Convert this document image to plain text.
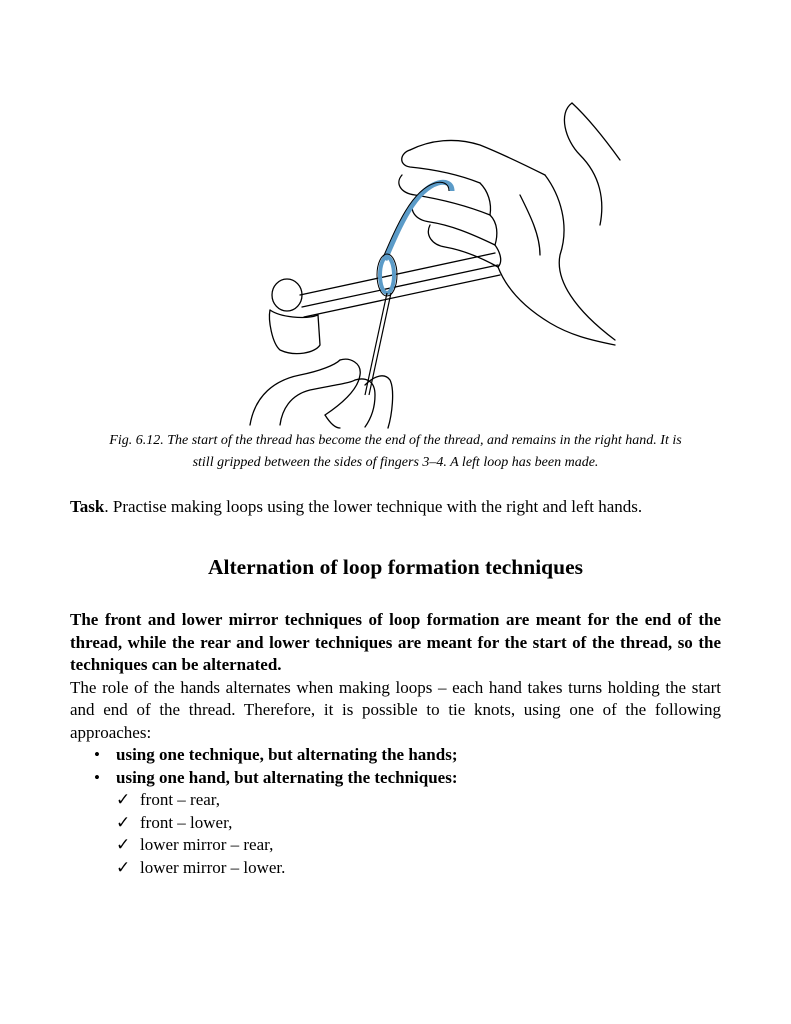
Fig. 6.12. The start of the thread has become the end of the thread, and remains in the right hand. It is
still gripped between the sides of fingers 3–4. A left loop has been made.
Task. Practise making loops using the lower technique with the right and left hands.
Alternation of loop formation techniques

The front and lower mirror techniques of loop formation are meant for the end of the thread, while the rear and lower techniques are meant for the start of the thread, so the techniques can be alternated.

The role of the hands alternates when making loops – each hand takes turns holding the start and end of the thread. Therefore, it is possible to tie knots, using one of the following approaches:

• using one technique, but alternating the hands;
• using one hand, but alternating the techniques:
✓ front – rear,
✓ front – lower,
✓ lower mirror – rear,
✓ lower mirror – lower.
